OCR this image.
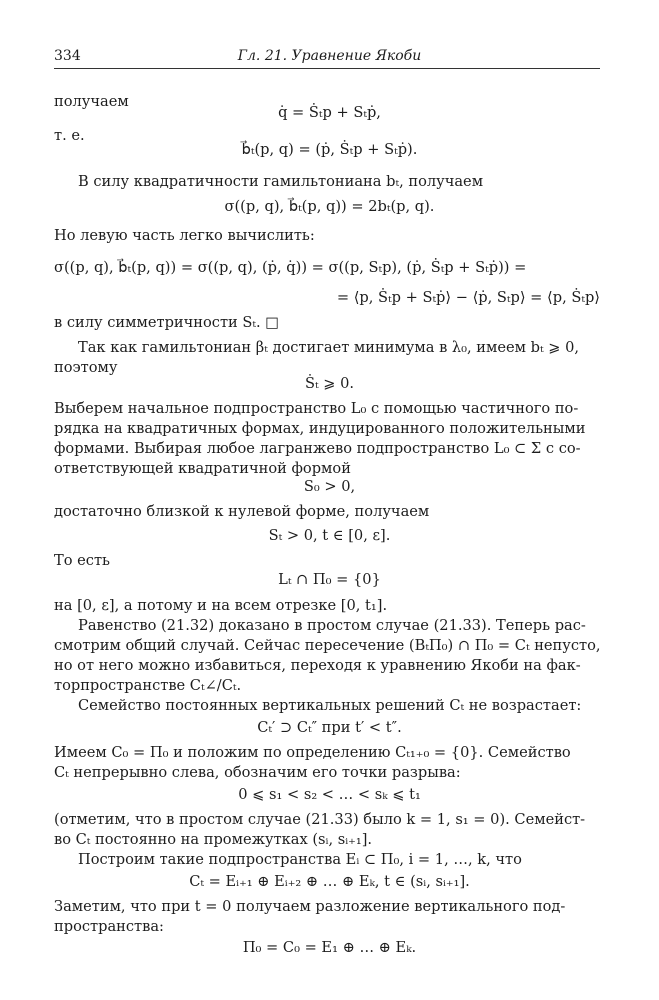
334	Гл. 21. Уравнение Якоби

получаем

q̇ = Ṡₜp + Sₜṗ,

т. е.

b⃗ₜ(p, q) = (ṗ, Ṡₜp + Sₜṗ).

В силу квадратичности гамильтониана bₜ, получаем

σ((p, q), b⃗ₜ(p, q)) = 2bₜ(p, q).

Но левую часть легко вычислить:

σ((p, q), b⃗ₜ(p, q)) = σ((p, q), (ṗ, q̇)) = σ((p, Sₜp), (ṗ, Ṡₜp + Sₜṗ)) =
= ⟨p, Ṡₜp + Sₜṗ⟩ − ⟨ṗ, Sₜp⟩ = ⟨p, Ṡₜp⟩

в силу симметричности Sₜ. □

Так как гамильтониан βₜ достигает минимума в λ₀, имеем bₜ ⩾ 0,

поэтому

Ṡₜ ⩾ 0.

Выберем начальное подпространство L₀ с помощью частичного по-

рядка на квадратичных формах, индуцированного положительными

формами. Выбирая любое лагранжево подпространство L₀ ⊂ Σ с со-

ответствующей квадратичной формой

S₀ > 0,

достаточно близкой к нулевой форме, получаем

Sₜ > 0, t ∈ [0, ε].

То есть

Lₜ ∩ Π₀ = {0}

на [0, ε], а потому и на всем отрезке [0, t₁].

Равенство (21.32) доказано в простом случае (21.33). Теперь рас-

смотрим общий случай. Сейчас пересечение (BₜΠ₀) ∩ Π₀ = Cₜ непусто,

но от него можно избавиться, переходя к уравнению Якоби на фак-

торпространстве Cₜ∠/Cₜ.

Семейство постоянных вертикальных решений Cₜ не возрастает:

Cₜ′ ⊃ Cₜ″ при t′ < t″.

Имеем C₀ = Π₀ и положим по определению Cₜ₁₊₀ = {0}. Семейство

Cₜ непрерывно слева, обозначим его точки разрыва:

0 ⩽ s₁ < s₂ < … < sₖ ⩽ t₁

(отметим, что в простом случае (21.33) было k = 1, s₁ = 0). Семейст-

во Cₜ постоянно на промежутках (sᵢ, sᵢ₊₁].

Построим такие подпространства Eᵢ ⊂ Π₀, i = 1, …, k, что

Cₜ = Eᵢ₊₁ ⊕ Eᵢ₊₂ ⊕ … ⊕ Eₖ, t ∈ (sᵢ, sᵢ₊₁].

Заметим, что при t = 0 получаем разложение вертикального под-

пространства:

Π₀ = C₀ = E₁ ⊕ … ⊕ Eₖ.
